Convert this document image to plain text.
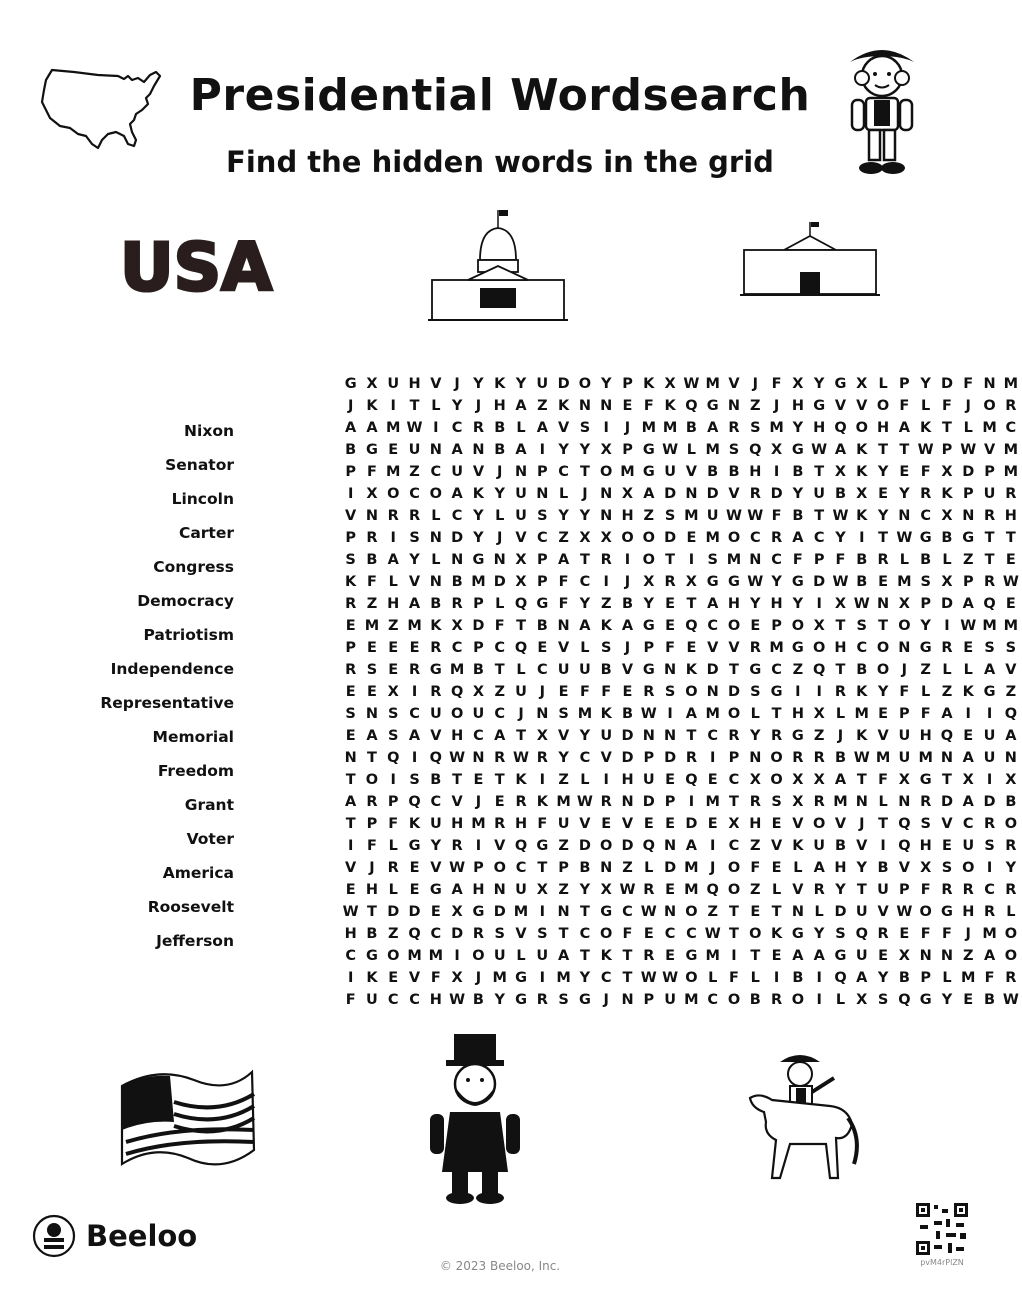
Presidential Wordsearch
Find the hidden words in the grid
USA
Nixon
Senator
Lincoln
Carter
Congress
Democracy
Patriotism
Independence
Representative
Memorial
Freedom
Grant
Voter
America
Roosevelt
Jefferson
G X U H V J Y K Y U D O Y P K X W M V J F X Y G X L P Y D F N M
J K I T L Y J H A Z K N N E F K Q G N Z J H G V V O F L F J O R
A A M W I C R B L A V S I	J M M B A R S M Y H Q O H A K T L M C
B G E U N A N B A I Y Y X P G W L M S Q X G W A K T T W P W V M
P F M Z C U V J N P C T O M G U V B B H I B T X K Y E F X D P M
I X O C O A K Y U N L J N X A D N D V R D Y U B X E Y R K P U R
V N R R L C Y L U S Y Y N H Z S M U W W F B T W K Y N C X N R H
P R I S N D Y J V C Z X X O O D E M O C R A C Y I T W G B G T T
S B A Y L N G N X P A T R I O T I S M N C F P F B R L B L Z T E
K F L V N B M D X P F C I	J X R X G G W Y G D W B E M S X P R W
R Z H A B R P L Q G F Y Z B Y E T A H Y H Y I X W N X P D A Q E
E M Z M K X D F T B N A K A G E Q C O E P O X T S T O Y I W M M
P E E E R C P C Q E V L S J P F E V V R M G O H C O N G R E S S
R S E R G M B T L C U U B V G N K D T G C Z Q T B O J Z L L A V
E E X I R Q X Z U J E F F E R S O N D S G I	I R K Y F L Z K G Z
S N S C U O U C J N S M K B W I A M O L T H X L M E P F A I	I Q
E A S A V H C A T X V Y U D N N T C R Y R G Z J K V U H Q E U A
N T Q I Q W N R W R Y C V D P D R I P N O R R B W M U M N A U N
T O I S B T E T K I Z L I H U E Q E C X O X X A T F X G T X I X
A R P Q C V J E R K M W R N D P I M T R S X R M N L N R D A D B
T P F K U H M R H F U V E V E E D E X H E V O V J T Q S V C R O
I F L G Y R I V Q G Z D O D Q N A I C Z V K U B V I Q H E U S R
V J R E V W P O C T P B N Z L D M J O F E L A H Y B V X S O I Y
E H L E G A H N U X Z Y X W R E M Q O Z L V R Y T U P F R R C R
W T D D E X G D M I N T G C W N O Z T E T N L D U V W O G H R L
H B Z Q C D R S V S T C O F E C C W T O K G Y S Q R E F F J M O
C G O M M I O U L U A T K T R E G M I T E A A G U E X N N Z A O
I K E V F X J M G I M Y C T W W O L F L I B I Q A Y B P L M F R
F U C C H W B Y G R S G J N P U M C O B R O I L X S Q G Y E B W
Beeloo
© 2023 Beeloo, Inc.	pvM4rPlZN
